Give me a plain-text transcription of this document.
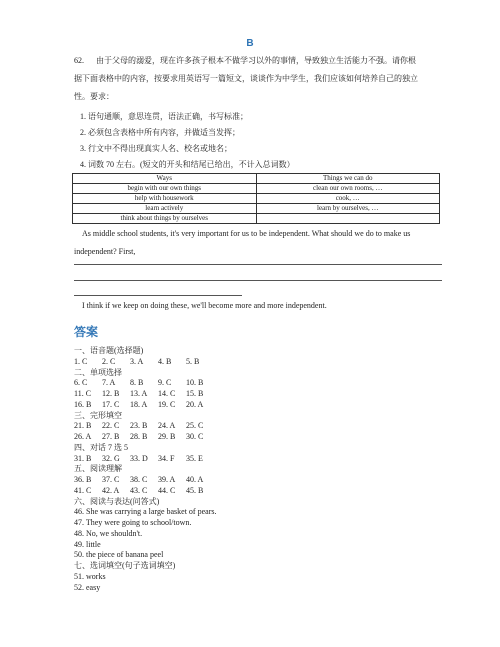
B
62. 由于父母的溺爱，现在许多孩子根本不做学习以外的事情，导致独立生活能力不强。请你根
据下面表格中的内容，按要求用英语写一篇短文，谈谈作为中学生，我们应该如何培养自己的独立
性。要求：
1. 语句通顺，意思连贯，语法正确，书写标准；
2. 必须包含表格中所有内容，并做适当发挥；
3. 行文中不得出现真实人名、校名或地名；
4. 词数 70 左右。(短文的开头和结尾已给出，不计入总词数）
Ways	Things we can do
begin with our own things	clean our own rooms, …
help with housework	cook, …
learn actively	learn by ourselves, …
think about things by ourselves	

As middle school students, it's very important for us to be independent. What should we do to make us

independent? First,

I think if we keep on doing these, we'll become more and more independent.
答案
一、语音题(选择题)
1. C 2. C 3. A 4. B 5. B
二、单项选择
6. C 7. A 8. B 9. C 10. B
11. C 12. B 13. A 14. C 15. B
16. B 17. C 18. A 19. C 20. A
三、完形填空
21. B 22. C 23. B 24. A 25. C
26. A 27. B 28. B 29. B 30. C
四、对话 7 选 5
31. B 32. G 33. D 34. F 35. E
五、阅读理解
36. B 37. C 38. C 39. A 40. A
41. C 42. A 43. C 44. C 45. B
六、阅读与表达(问答式)
46. She was carrying a large basket of pears.
47. They were going to school/town.
48. No, we shouldn't.
49. little
50. the piece of banana peel
七、选词填空(句子选词填空)
51. works
52. easy
